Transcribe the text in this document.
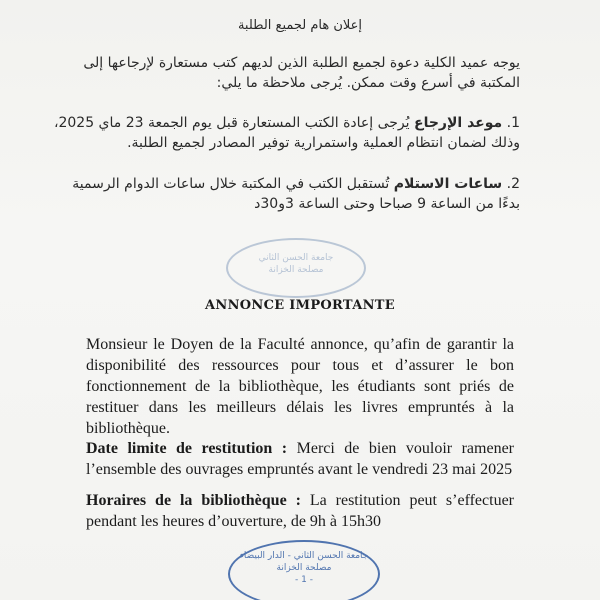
إعلان هام لجميع الطلبة
يوجه عميد الكلية دعوة لجميع الطلبة الذين لديهم كتب مستعارة لإرجاعها إلى المكتبة في أسرع وقت ممكن. يُرجى ملاحظة ما يلي:
1. موعد الإرجاع يُرجى إعادة الكتب المستعارة قبل يوم الجمعة 23 ماي 2025، وذلك لضمان انتظام العملية واستمرارية توفير المصادر لجميع الطلبة.
2. ساعات الاستلام تُستقبل الكتب في المكتبة خلال ساعات الدوام الرسمية بدءًا من الساعة 9 صباحا وحتى الساعة 3و30د
جامعة الحسن الثاني
مصلحة الخزانة
ANNONCE IMPORTANTE
Monsieur le Doyen de la Faculté annonce, qu’afin de garantir la disponibilité des ressources pour tous et d’assurer le bon fonctionnement de la bibliothèque, les étudiants sont priés de restituer dans les meilleurs délais les livres empruntés à la bibliothèque.
Date limite de restitution : Merci de bien vouloir ramener l’ensemble des ouvrages empruntés avant le vendredi 23 mai 2025
Horaires de la bibliothèque : La restitution peut s’effectuer pendant les heures d’ouverture, de 9h à 15h30
جامعة الحسن الثاني - الدار البيضاء
مصلحة الخزانة
- 1 -
